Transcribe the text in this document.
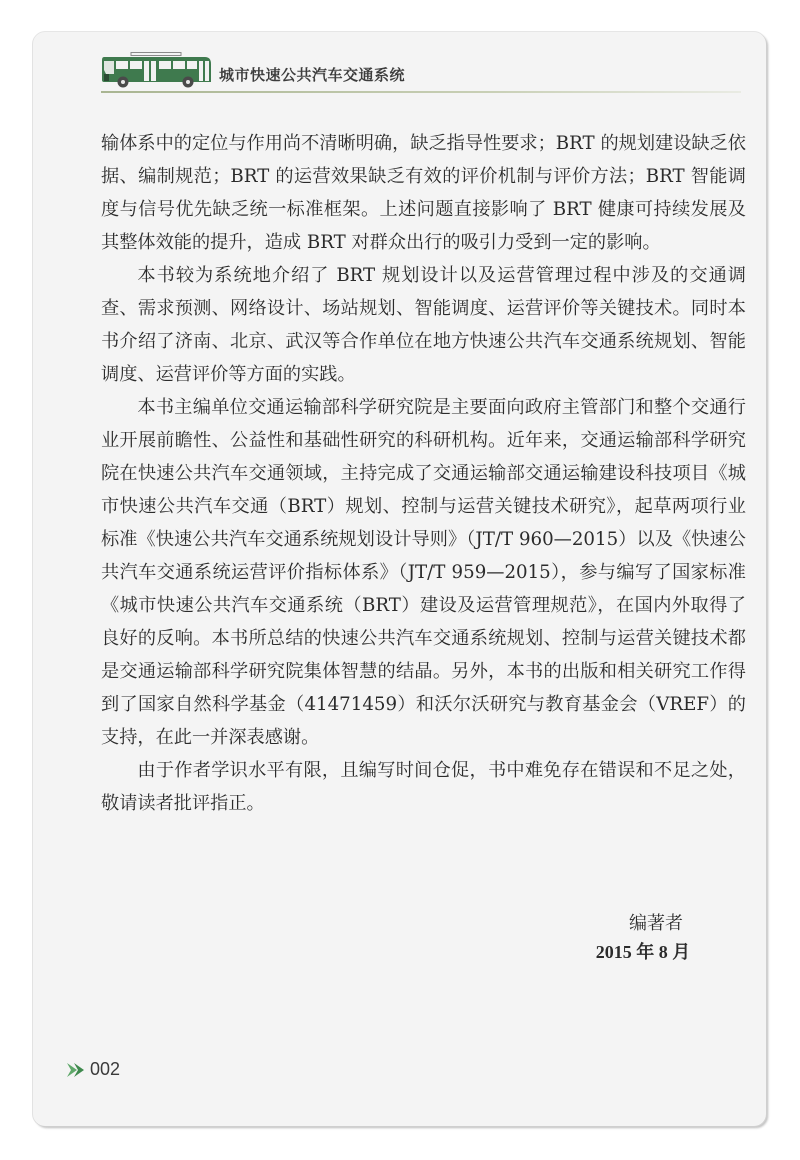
城市快速公共汽车交通系统

输体系中的定位与作用尚不清晰明确，缺乏指导性要求；BRT 的规划建设缺乏依据、编制规范；BRT 的运营效果缺乏有效的评价机制与评价方法；BRT 智能调度与信号优先缺乏统一标准框架。上述问题直接影响了 BRT 健康可持续发展及其整体效能的提升，造成 BRT 对群众出行的吸引力受到一定的影响。

本书较为系统地介绍了 BRT 规划设计以及运营管理过程中涉及的交通调查、需求预测、网络设计、场站规划、智能调度、运营评价等关键技术。同时本书介绍了济南、北京、武汉等合作单位在地方快速公共汽车交通系统规划、智能调度、运营评价等方面的实践。

本书主编单位交通运输部科学研究院是主要面向政府主管部门和整个交通行业开展前瞻性、公益性和基础性研究的科研机构。近年来，交通运输部科学研究院在快速公共汽车交通领域，主持完成了交通运输部交通运输建设科技项目《城市快速公共汽车交通（BRT）规划、控制与运营关键技术研究》，起草两项行业标准《快速公共汽车交通系统规划设计导则》（JT/T 960—2015）以及《快速公共汽车交通系统运营评价指标体系》（JT/T 959—2015），参与编写了国家标准《城市快速公共汽车交通系统（BRT）建设及运营管理规范》，在国内外取得了良好的反响。本书所总结的快速公共汽车交通系统规划、控制与运营关键技术都是交通运输部科学研究院集体智慧的结晶。另外，本书的出版和相关研究工作得到了国家自然科学基金（41471459）和沃尔沃研究与教育基金会（VREF）的支持，在此一并深表感谢。

由于作者学识水平有限，且编写时间仓促，书中难免存在错误和不足之处，敬请读者批评指正。

编著者
2015 年 8 月
002
